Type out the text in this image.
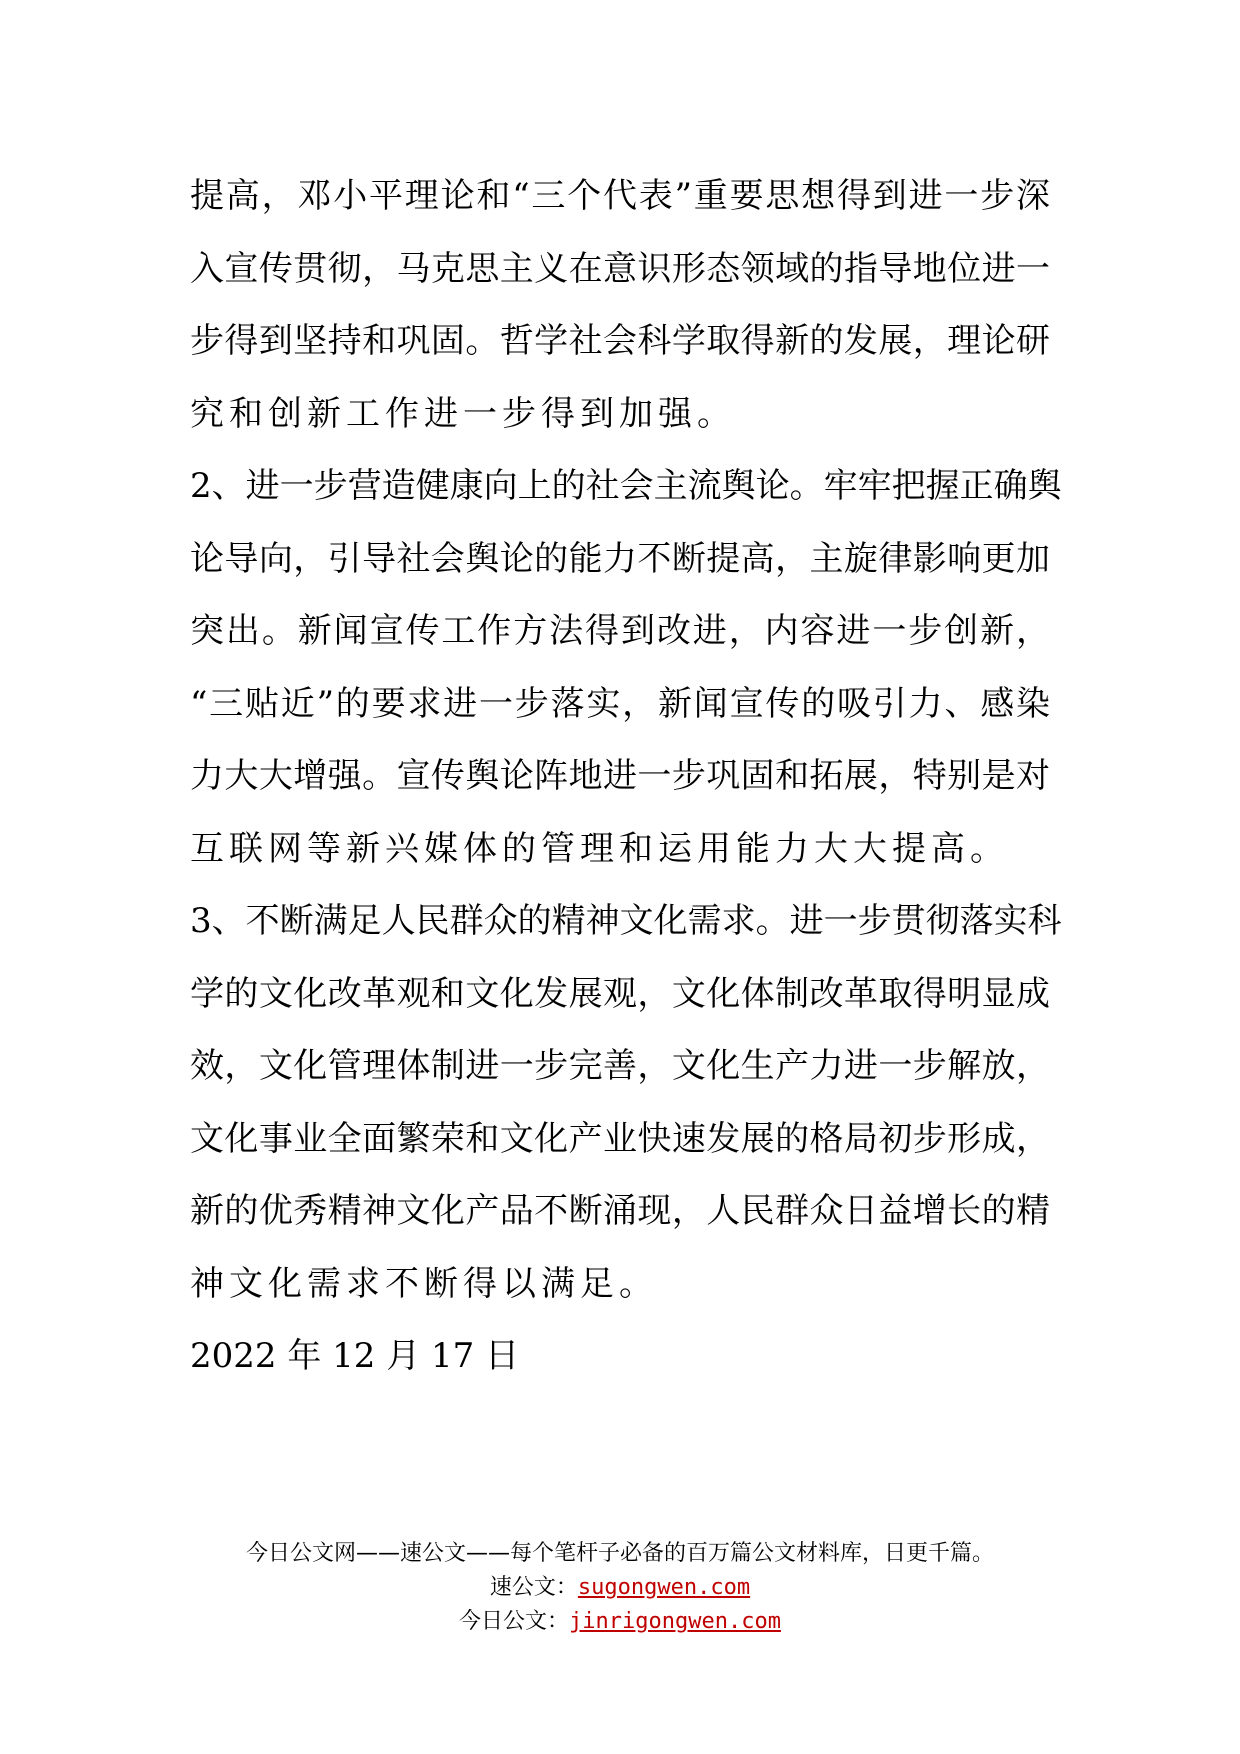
提高，邓小平理论和“三个代表”重要思想得到进一步深
入宣传贯彻，马克思主义在意识形态领域的指导地位进一
步得到坚持和巩固。哲学社会科学取得新的发展，理论研
究和创新工作进一步得到加强。
2、进一步营造健康向上的社会主流舆论。牢牢把握正确舆
论导向，引导社会舆论的能力不断提高，主旋律影响更加
突出。新闻宣传工作方法得到改进，内容进一步创新，
“三贴近”的要求进一步落实，新闻宣传的吸引力、感染
力大大增强。宣传舆论阵地进一步巩固和拓展，特别是对
互联网等新兴媒体的管理和运用能力大大提高。
3、不断满足人民群众的精神文化需求。进一步贯彻落实科
学的文化改革观和文化发展观，文化体制改革取得明显成
效，文化管理体制进一步完善，文化生产力进一步解放，
文化事业全面繁荣和文化产业快速发展的格局初步形成，
新的优秀精神文化产品不断涌现，人民群众日益增长的精
神文化需求不断得以满足。
2022 年 12 月 17 日
今日公文网——速公文——每个笔杆子必备的百万篇公文材料库，日更千篇。
速公文：sugongwen.com
今日公文：jinrigongwen.com
